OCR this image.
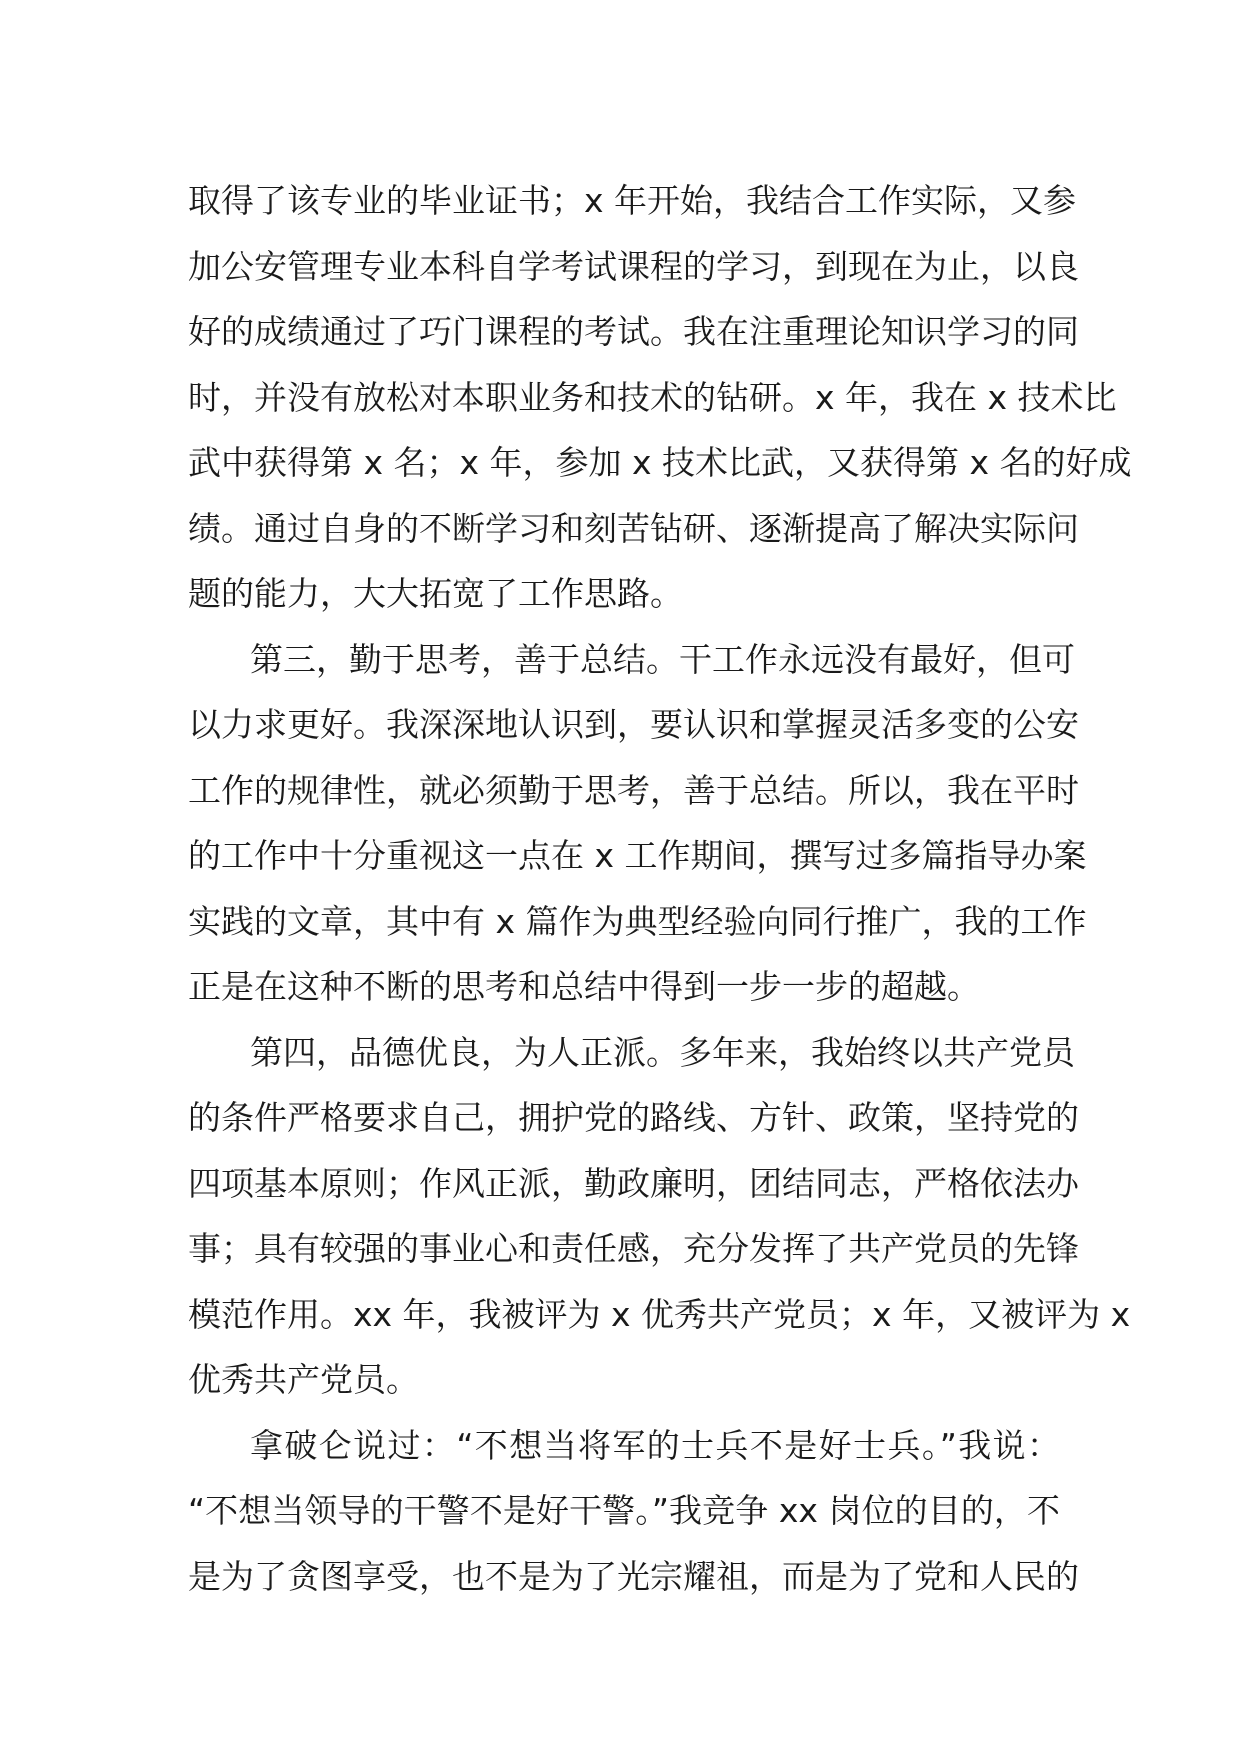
取得了该专业的毕业证书；x 年开始，我结合工作实际，又参
加公安管理专业本科自学考试课程的学习，到现在为止，以良
好的成绩通过了巧门课程的考试。我在注重理论知识学习的同
时，并没有放松对本职业务和技术的钻研。x 年，我在 x 技术比
武中获得第 x 名；x 年，参加 x 技术比武，又获得第 x 名的好成
绩。通过自身的不断学习和刻苦钻研、逐渐提高了解决实际问
题的能力，大大拓宽了工作思路。
第三，勤于思考，善于总结。干工作永远没有最好，但可
以力求更好。我深深地认识到，要认识和掌握灵活多变的公安
工作的规律性，就必须勤于思考，善于总结。所以，我在平时
的工作中十分重视这一点在 x 工作期间，撰写过多篇指导办案
实践的文章，其中有 x 篇作为典型经验向同行推广，我的工作
正是在这种不断的思考和总结中得到一步一步的超越。
第四，品德优良，为人正派。多年来，我始终以共产党员
的条件严格要求自己，拥护党的路线、方针、政策，坚持党的
四项基本原则；作风正派，勤政廉明，团结同志，严格依法办
事；具有较强的事业心和责任感，充分发挥了共产党员的先锋
模范作用。xx 年，我被评为 x 优秀共产党员；x 年，又被评为 x
优秀共产党员。
拿破仑说过：“不想当将军的士兵不是好士兵。”我说：
“不想当领导的干警不是好干警。”我竞争 xx 岗位的目的，不
是为了贪图享受，也不是为了光宗耀祖，而是为了党和人民的
